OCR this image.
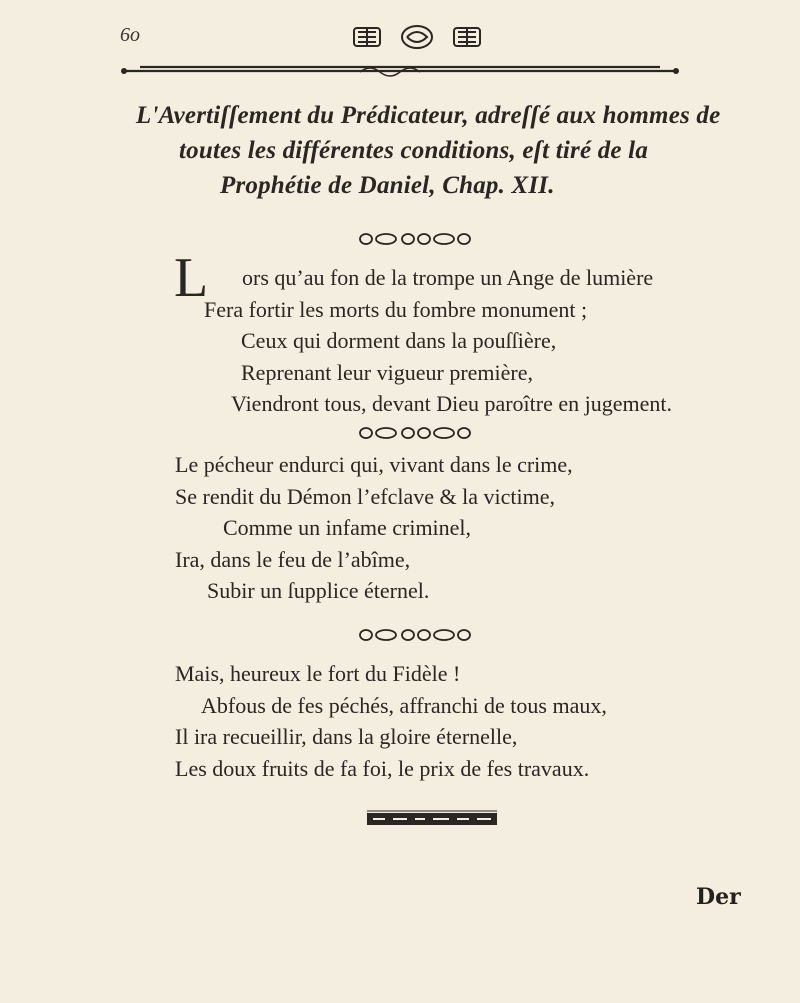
6o
L'Avertiſſement du Prédicateur, adreſſé aux hommes de
toutes les différentes conditions, eſt tiré de la
Prophétie de Daniel, Chap. XII.
L ors qu’au fon de la trompe un Ange de lumière
Fera fortir les morts du fombre monument ;
Ceux qui dorment dans la pouſſière,
Reprenant leur vigueur première,
Viendront tous, devant Dieu paroître en jugement.
Le pécheur endurci qui, vivant dans le crime,
Se rendit du Démon l’efclave & la victime,
Comme un infame criminel,
Ira, dans le feu de l’abîme,
Subir un ſupplice éternel.
Mais, heureux le fort du Fidèle !
Abfous de fes péchés, affranchi de tous maux,
Il ira recueillir, dans la gloire éternelle,
Les doux fruits de fa foi, le prix de fes travaux.
Der
